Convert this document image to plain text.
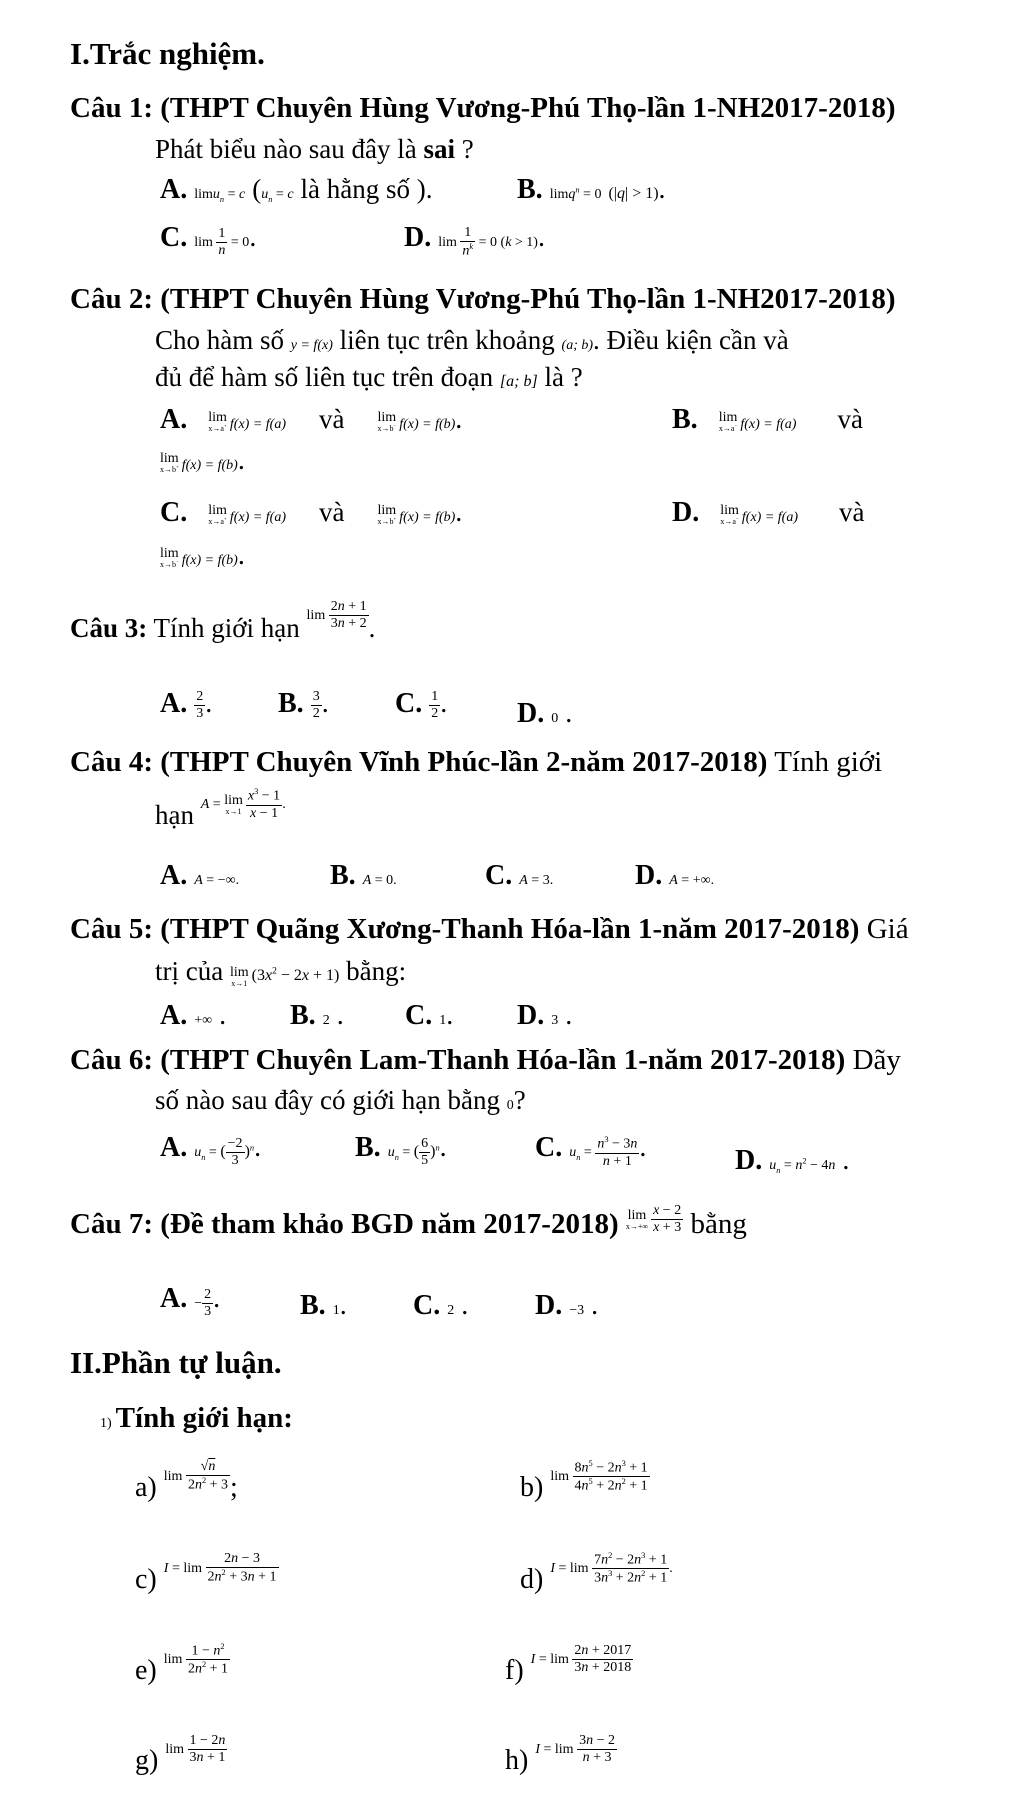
I.Trắc nghiệm.
Câu 1: (THPT Chuyên Hùng Vương-Phú Thọ-lần 1-NH2017-2018)
Phát biểu nào sau đây là sai ?
A. limu$_n$ = c ($u_n = c$ là hằng số ).	B. limq$^n$ = 0 (|q| > 1).
C. $\lim \frac{1}{n} = 0$.	D. $\lim \frac{1}{n^k} = 0$ (k > 1).
Câu 2: (THPT Chuyên Hùng Vương-Phú Thọ-lần 1-NH2017-2018)
Cho hàm số y = f(x) liên tục trên khoảng (a; b). Điều kiện cần và
đủ để hàm số liên tục trên đoạn [a; b] là ?
A. lim
x→a+ f(x) = f(a) và lim
x→b− f(x) = f(b).	B. lim
x→a− f(x) = f(a) và
lim
x→b+ f(x) = f(b).
C. lim
x→a+ f(x) = f(a) và lim
x→b+ f(x) = f(b).	D. lim
x→a− f(x) = f(a) và
lim
x→b− f(x) = f(b).
Câu 3: Tính giới hạn $^{lim \frac{2n + 1}{3n + 2}}$ .
A. $\frac{2}{3}$ . B. $\frac{3}{2}$ . C. $\frac{1}{2}$ . D. 0 .
Câu 4: (THPT Chuyên Vĩnh Phúc-lần 2-năm 2017-2018) Tính giới
hạn $^{A = lim x\to 1 \frac{x^3 - 1}{x - 1} .}$
A. A = −∞.	B. A = 0.	C. A = 3.	D. A = +∞.
Câu 5: (THPT Quãng Xương-Thanh Hóa-lần 1-năm 2017-2018) Giá
trị của lim
x→1 $(3x^2 - 2x + 1)$ bằng:
A. +∞ . B. 2 . C. 1. D. 3 .
Câu 6: (THPT Chuyên Lam-Thanh Hóa-lần 1-năm 2017-2018) Dãy
số nào sau đây có giới hạn bằng 0?
A. $u_n$ = ( $\frac{-2}{3} )^n$.	B. $u_n$ = ( $\frac{6}{5} )^n$.	C. $u_n = \frac{n^3 - 3n}{n + 1}$ .	D. $u_n = n^2 - 4n$ .
Câu 7: (Đề tham khảo BGD năm 2017-2018) $^{lim x\to+\infty \frac{x - 2}{x + 3}}$ bằng
A. − $\frac{2}{3}$ .	B. 1. C. 2 . D. −3 .
II.Phần tự luận.
1) Tính giới hạn:
a) $^{lim \frac{√n}{2n^2 + 3}}$ ;	b) $^{lim \frac{8n^5 - 2n^3 + 1}{4n^5 + 2n^2 + 1}}$
c) $^{I = lim \frac{2n - 3}{2n^2 + 3n + 1}}$	d) $^{I = lim \frac{7n^2 - 2n^3 + 1}{3n^3 + 2n^2 + 1} .}$
e) $^{lim \frac{1 - n^2}{2n^2 + 1}}$	f) $^{I = lim \frac{2n + 2017}{3n + 2018}}$
g) $^{lim \frac{1 - 2n}{3n + 1}}$	h) $^{I = lim \frac{3n - 2}{n + 3}}$
